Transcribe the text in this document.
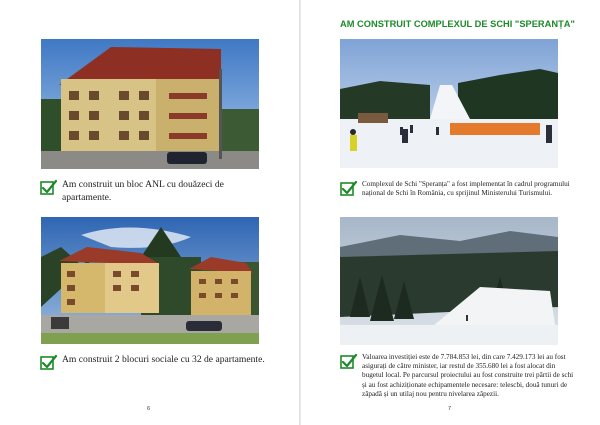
AM CONSTRUIT COMPLEXUL DE SCHI "SPERANȚA"
Am construit un bloc ANL cu douăzeci de apartamente.
Am construit 2 blocuri sociale cu 32 de apartamente.
Complexul de Schi "Speranța" a fost implementat în cadrul programului național de Schi în România, cu sprijinul Ministerului Turismului.
Valoarea investiției este de 7.784.853 lei, din care 7.429.173 lei au fost asigurați de către minister, iar restul de 355.680 lei a fost alocat din bugetul local. Pe parcursul proiectului au fost construite trei pârtii de schi și au fost achiziționate echipamentele necesare: telescbi, două tunuri de zăpadă și un utilaj nou pentru nivelarea zăpezii.
6	7
